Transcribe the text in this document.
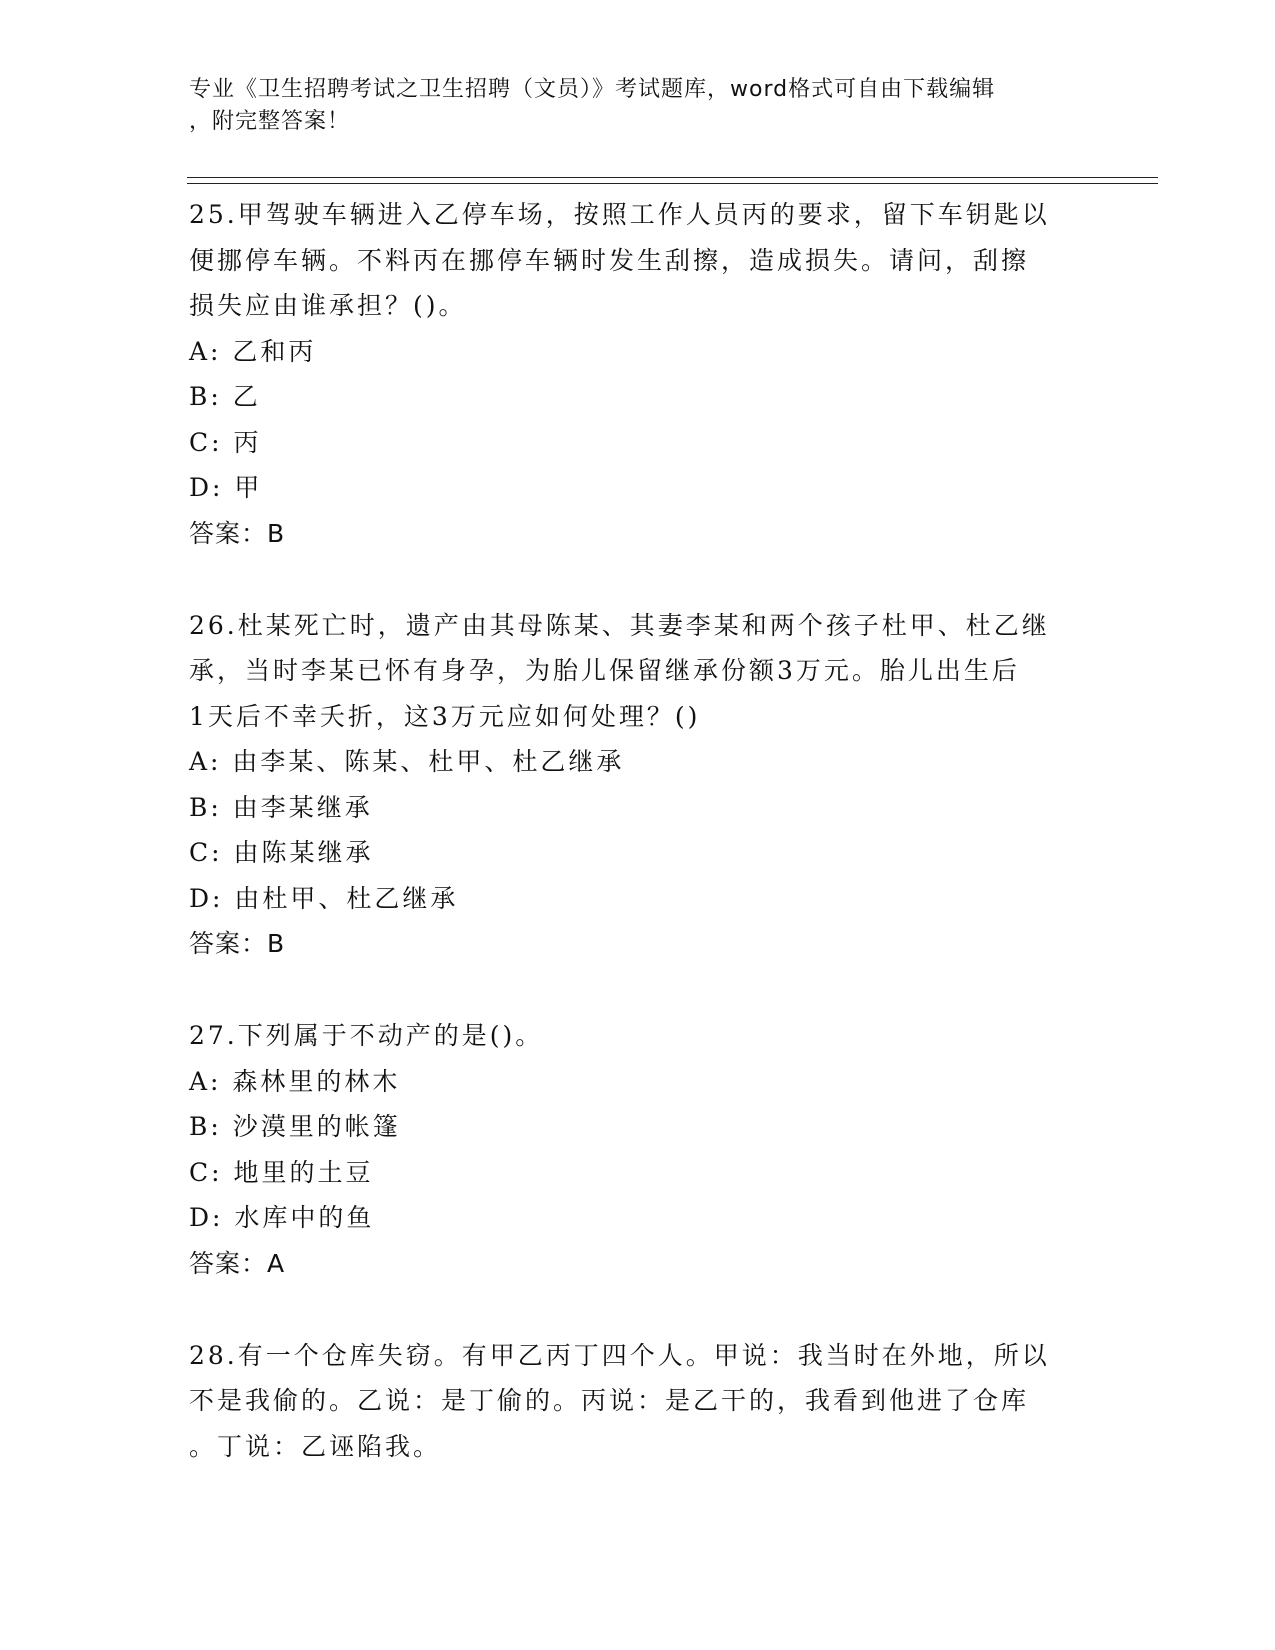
专业《卫生招聘考试之卫生招聘（文员）》考试题库，word格式可自由下载编辑
，附完整答案！
25.甲驾驶车辆进入乙停车场，按照工作人员丙的要求，留下车钥匙以
便挪停车辆。不料丙在挪停车辆时发生刮擦，造成损失。请问，刮擦
损失应由谁承担？()。
A: 乙和丙
B: 乙
C: 丙
D: 甲
答案：B
26.杜某死亡时，遗产由其母陈某、其妻李某和两个孩子杜甲、杜乙继
承，当时李某已怀有身孕，为胎儿保留继承份额3万元。胎儿出生后
1天后不幸夭折，这3万元应如何处理？()
A: 由李某、陈某、杜甲、杜乙继承
B: 由李某继承
C: 由陈某继承
D: 由杜甲、杜乙继承
答案：B
27.下列属于不动产的是()。
A: 森林里的林木
B: 沙漠里的帐篷
C: 地里的土豆
D: 水库中的鱼
答案：A
28.有一个仓库失窃。有甲乙丙丁四个人。甲说：我当时在外地，所以
不是我偷的。乙说：是丁偷的。丙说：是乙干的，我看到他进了仓库
。丁说：乙诬陷我。
